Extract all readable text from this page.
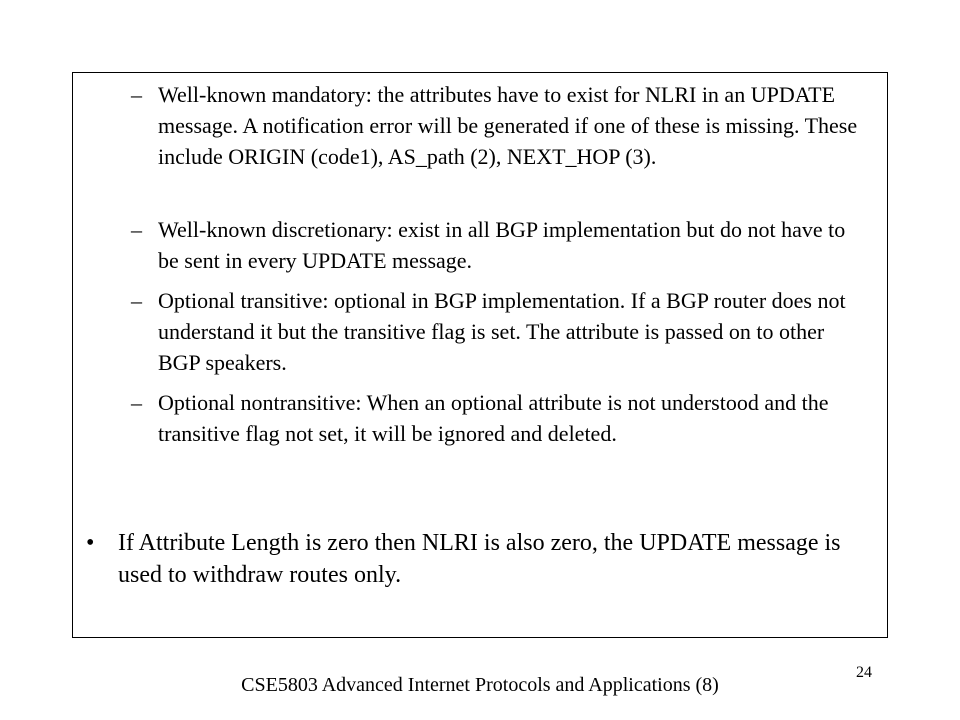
– Well-known mandatory: the attributes have to exist for NLRI in an UPDATE message. A notification error will be generated if one of these is missing. These include ORIGIN (code1), AS_path (2), NEXT_HOP (3).
– Well-known discretionary: exist in all BGP implementation but do not have to be sent in every UPDATE message.
– Optional transitive: optional in BGP implementation. If a BGP router does not understand it but the transitive flag is set. The attribute is passed on to other BGP speakers.
– Optional nontransitive: When an optional attribute is not understood and the transitive flag not set, it will be ignored and deleted.
• If Attribute Length is zero then NLRI is also zero, the UPDATE message is used to withdraw routes only.
CSE5803 Advanced Internet Protocols and Applications (8)
24
